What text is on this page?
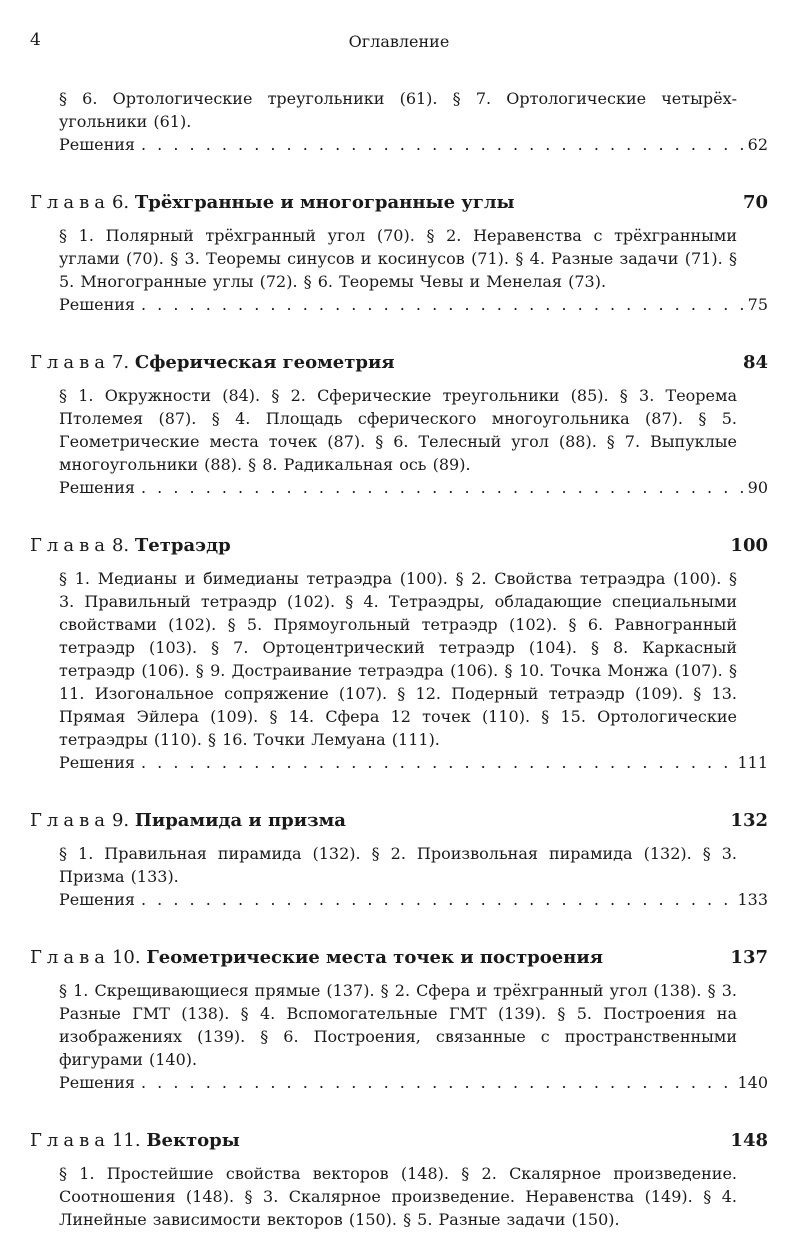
4	Оглавление
§ 6. Ортологические треугольники (61). § 7. Ортологические четырёх-угольники (61).
Решения . . .	62
Глава 6. Трёхгранные и многогранные углы	70
§ 1. Полярный трёхгранный угол (70). § 2. Неравенства с трёхгранными углами (70). § 3. Теоремы синусов и косинусов (71). § 4. Разные задачи (71). § 5. Многогранные углы (72). § 6. Теоремы Чевы и Менелая (73).
Решения . . .	75
Глава 7. Сферическая геометрия	84
§ 1. Окружности (84). § 2. Сферические треугольники (85). § 3. Теорема Птолемея (87). § 4. Площадь сферического многоугольника (87). § 5. Геометрические места точек (87). § 6. Телесный угол (88). § 7. Выпуклые многоугольники (88). § 8. Радикальная ось (89).
Решения . . .	90
Глава 8. Тетраэдр	100
§ 1. Медианы и бимедианы тетраэдра (100). § 2. Свойства тетраэдра (100). § 3. Правильный тетраэдр (102). § 4. Тетраэдры, обладающие специальными свойствами (102). § 5. Прямоугольный тетраэдр (102). § 6. Равногранный тетраэдр (103). § 7. Ортоцентрический тетраэдр (104). § 8. Каркасный тетраэдр (106). § 9. Достраивание тетраэдра (106). § 10. Точка Монжа (107). § 11. Изогональное сопряжение (107). § 12. Подерный тетраэдр (109). § 13. Прямая Эйлера (109). § 14. Сфера 12 точек (110). § 15. Ортологические тетраэдры (110). § 16. Точки Лемуана (111).
Решения . . .	111
Глава 9. Пирамида и призма	132
§ 1. Правильная пирамида (132). § 2. Произвольная пирамида (132). § 3. Призма (133).
Решения . . .	133
Глава 10. Геометрические места точек и построения	137
§ 1. Скрещивающиеся прямые (137). § 2. Сфера и трёхгранный угол (138). § 3. Разные ГМТ (138). § 4. Вспомогательные ГМТ (139). § 5. Построения на изображениях (139). § 6. Построения, связанные с пространственными фигурами (140).
Решения . . .	140
Глава 11. Векторы	148
§ 1. Простейшие свойства векторов (148). § 2. Скалярное произведение. Соотношения (148). § 3. Скалярное произведение. Неравенства (149). § 4. Линейные зависимости векторов (150). § 5. Разные задачи (150).
